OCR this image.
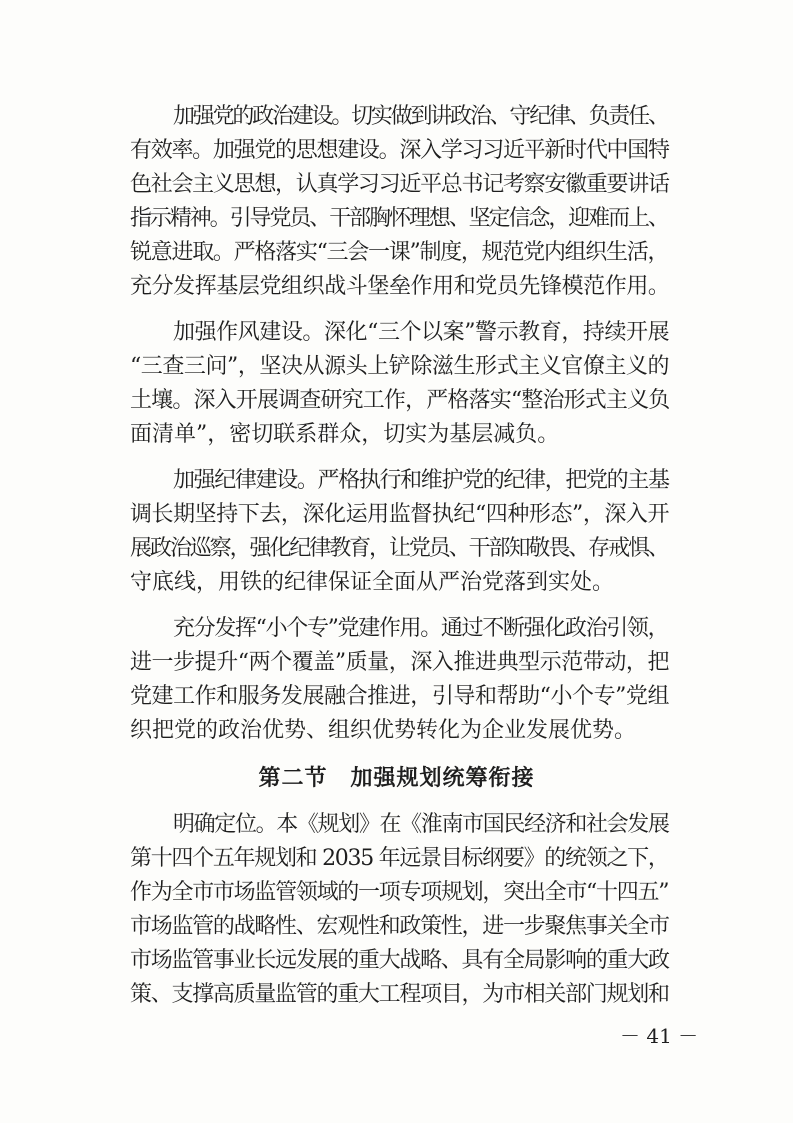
加强党的政治建设。切实做到讲政治、守纪律、负责任、
有效率。加强党的思想建设。深入学习习近平新时代中国特
色社会主义思想，认真学习习近平总书记考察安徽重要讲话
指示精神。引导党员、干部胸怀理想、坚定信念，迎难而上、
锐意进取。严格落实“三会一课”制度，规范党内组织生活，
充分发挥基层党组织战斗堡垒作用和党员先锋模范作用。
加强作风建设。深化“三个以案”警示教育，持续开展
“三查三问”，坚决从源头上铲除滋生形式主义官僚主义的
土壤。深入开展调查研究工作，严格落实“整治形式主义负
面清单”，密切联系群众，切实为基层减负。
加强纪律建设。严格执行和维护党的纪律，把党的主基
调长期坚持下去，深化运用监督执纪“四种形态”，深入开
展政治巡察，强化纪律教育，让党员、干部知敬畏、存戒惧、
守底线，用铁的纪律保证全面从严治党落到实处。
充分发挥“小个专”党建作用。通过不断强化政治引领，
进一步提升“两个覆盖”质量，深入推进典型示范带动，把
党建工作和服务发展融合推进，引导和帮助“小个专”党组
织把党的政治优势、组织优势转化为企业发展优势。
第二节　加强规划统筹衔接
明确定位。本《规划》在《淮南市国民经济和社会发展
第十四个五年规划和 2035 年远景目标纲要》的统领之下，
作为全市市场监管领域的一项专项规划，突出全市“十四五”
市场监管的战略性、宏观性和政策性，进一步聚焦事关全市
市场监管事业长远发展的重大战略、具有全局影响的重大政
策、支撑高质量监管的重大工程项目，为市相关部门规划和
－ 41 －
